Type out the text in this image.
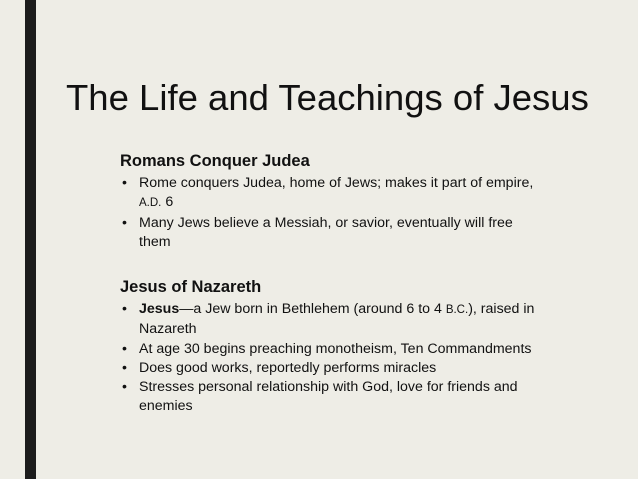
The Life and Teachings of Jesus
Romans Conquer Judea
• Rome conquers Judea, home of Jews; makes it part of empire, A.D. 6
• Many Jews believe a Messiah, or savior, eventually will free them
Jesus of Nazareth
• Jesus—a Jew born in Bethlehem (around 6 to 4 B.C.), raised in Nazareth
• At age 30 begins preaching monotheism, Ten Commandments
• Does good works, reportedly performs miracles
• Stresses personal relationship with God, love for friends and enemies
